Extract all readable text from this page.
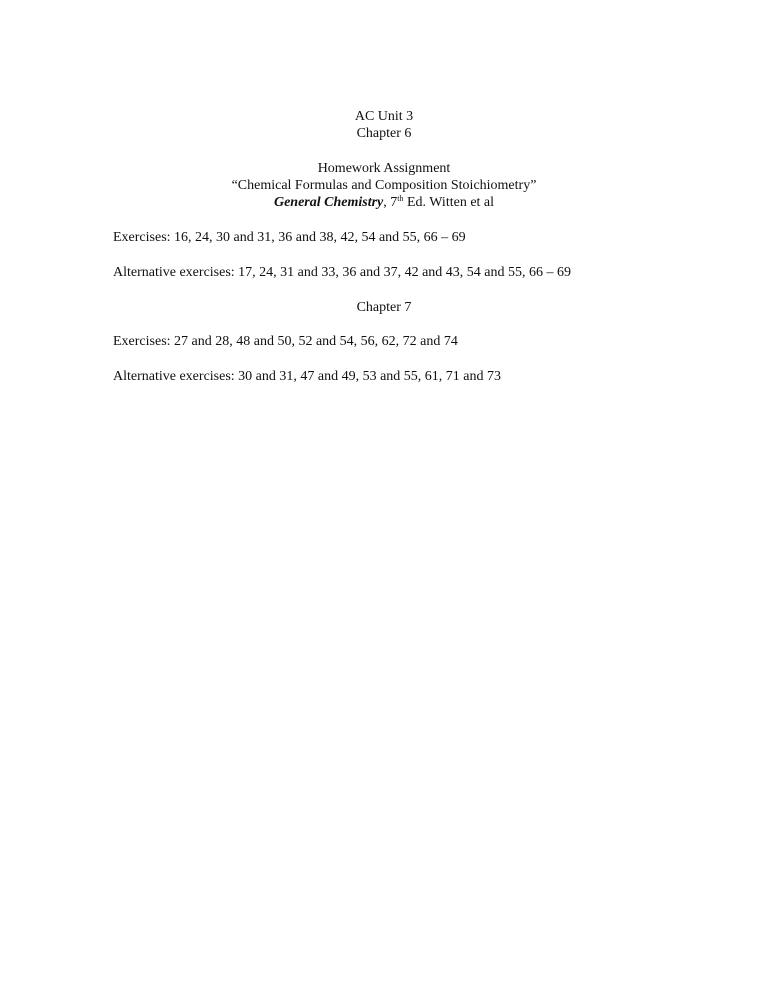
AC Unit 3
Chapter 6
Homework Assignment
“Chemical Formulas and Composition Stoichiometry”
General Chemistry, 7th Ed. Witten et al
Exercises: 16, 24, 30 and 31, 36 and 38, 42, 54 and 55, 66 – 69
Alternative exercises: 17, 24, 31 and 33, 36 and 37, 42 and 43, 54 and 55, 66 – 69
Chapter 7
Exercises: 27 and 28, 48 and 50, 52 and 54, 56, 62, 72 and 74
Alternative exercises: 30 and 31, 47 and 49, 53 and 55, 61, 71 and 73
